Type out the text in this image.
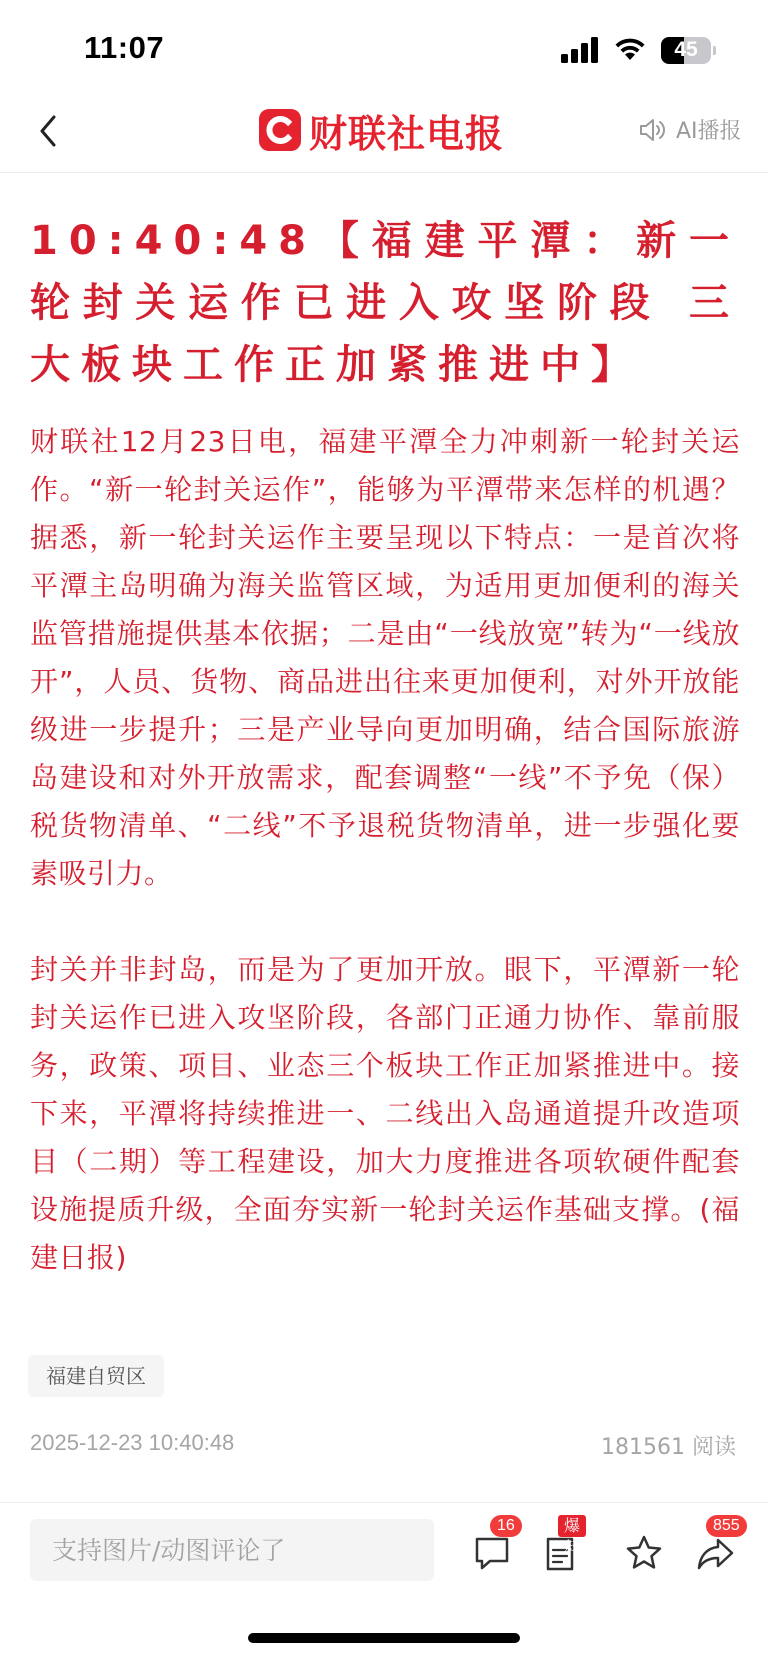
11:07	45
财联社电报	AI播报
10:40:48【福建平潭：新一轮封关运作已进入攻坚阶段 三大板块工作正加紧推进中】

财联社12月23日电，福建平潭全力冲刺新一轮封关运作。“新一轮封关运作”，能够为平潭带来怎样的机遇？据悉，新一轮封关运作主要呈现以下特点：一是首次将平潭主岛明确为海关监管区域，为适用更加便利的海关监管措施提供基本依据；二是由“一线放宽”转为“一线放开”，人员、货物、商品进出往来更加便利，对外开放能级进一步提升；三是产业导向更加明确，结合国际旅游岛建设和对外开放需求，配套调整“一线”不予免（保）税货物清单、“二线”不予退税货物清单，进一步强化要素吸引力。

封关并非封岛，而是为了更加开放。眼下，平潭新一轮封关运作已进入攻坚阶段，各部门正通力协作、靠前服务，政策、项目、业态三个板块工作正加紧推进中。接下来，平潭将持续推进一、二线出入岛通道提升改造项目（二期）等工程建设，加大力度推进各项软硬件配套设施提质升级，全面夯实新一轮封关运作基础支撑。(福建日报)

福建自贸区
2025-12-23 10:40:48	181561 阅读
支持图片/动图评论了
16	爆料
855
